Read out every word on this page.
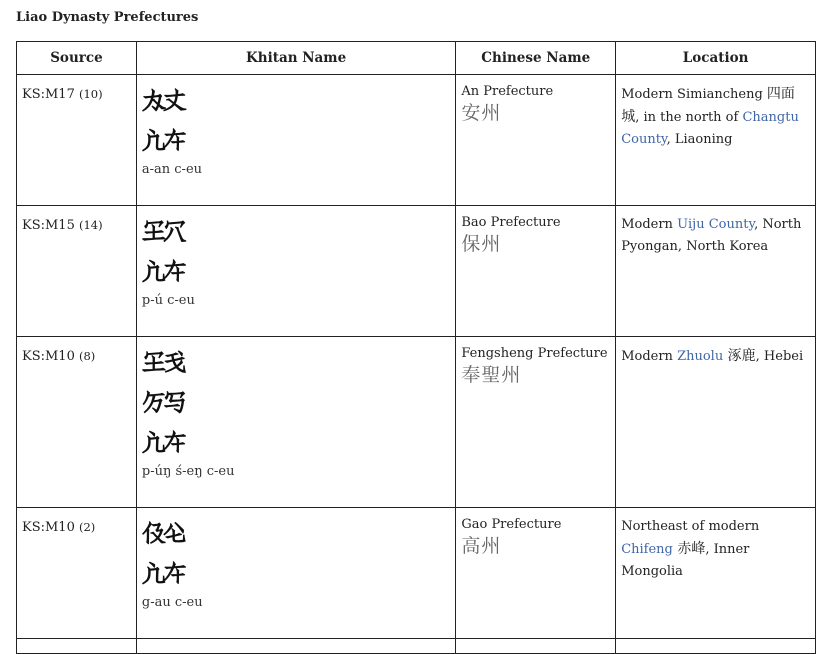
Liao Dynasty Prefectures
Source	Khitan Name	Chinese Name	Location
KS:M17 (10)	𘲥𘮃
𘱚𘭪
a-an c-eu	An Prefecture
安州	Modern Simiancheng 四面城, in the north of Changtu County, Liaoning
KS:M15 (14)	𘲋𘲆
𘱚𘭪
p-ú c-eu	Bao Prefecture
保州	Modern Uiju County, North Pyongan, North Korea
KS:M10 (8)	𘲋𘬧
𘰇𘲊
𘱚𘭪
p-úŋ ś-eŋ c-eu	Fengsheng Prefecture
奉聖州	Modern Zhuolu 涿鹿, Hebei
KS:M10 (2)	𘰠𘰯
𘱚𘭪
g-au c-eu	Gao Prefecture
高州	Northeast of modern Chifeng 赤峰, Inner Mongolia
